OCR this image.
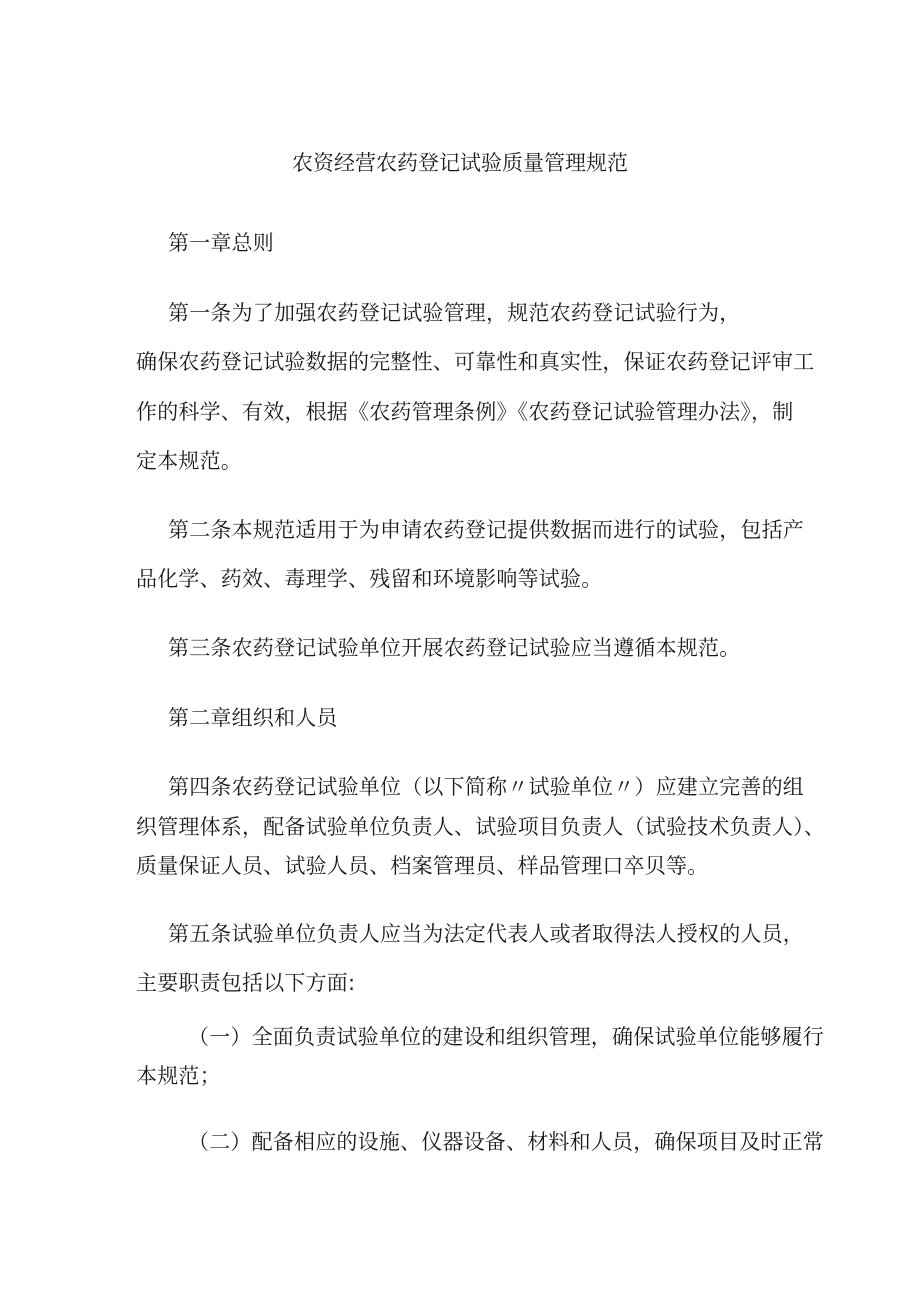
农资经营农药登记试验质量管理规范
第一章总则
第一条为了加强农药登记试验管理，规范农药登记试验行为，
确保农药登记试验数据的完整性、可靠性和真实性，保证农药登记评审工
作的科学、有效，根据《农药管理条例》《农药登记试验管理办法》，制
定本规范。
第二条本规范适用于为申请农药登记提供数据而进行的试验，包括产
品化学、药效、毒理学、残留和环境影响等试验。
第三条农药登记试验单位开展农药登记试验应当遵循本规范。
第二章组织和人员
第四条农药登记试验单位（以下简称〃试验单位〃）应建立完善的组
织管理体系，配备试验单位负责人、试验项目负责人（试验技术负责人）、
质量保证人员、试验人员、档案管理员、样品管理口卒贝等。
第五条试验单位负责人应当为法定代表人或者取得法人授权的人员，
主要职责包括以下方面:
（一）全面负责试验单位的建设和组织管理，确保试验单位能够履行
本规范；
（二）配备相应的设施、仪器设备、材料和人员，确保项目及时正常
